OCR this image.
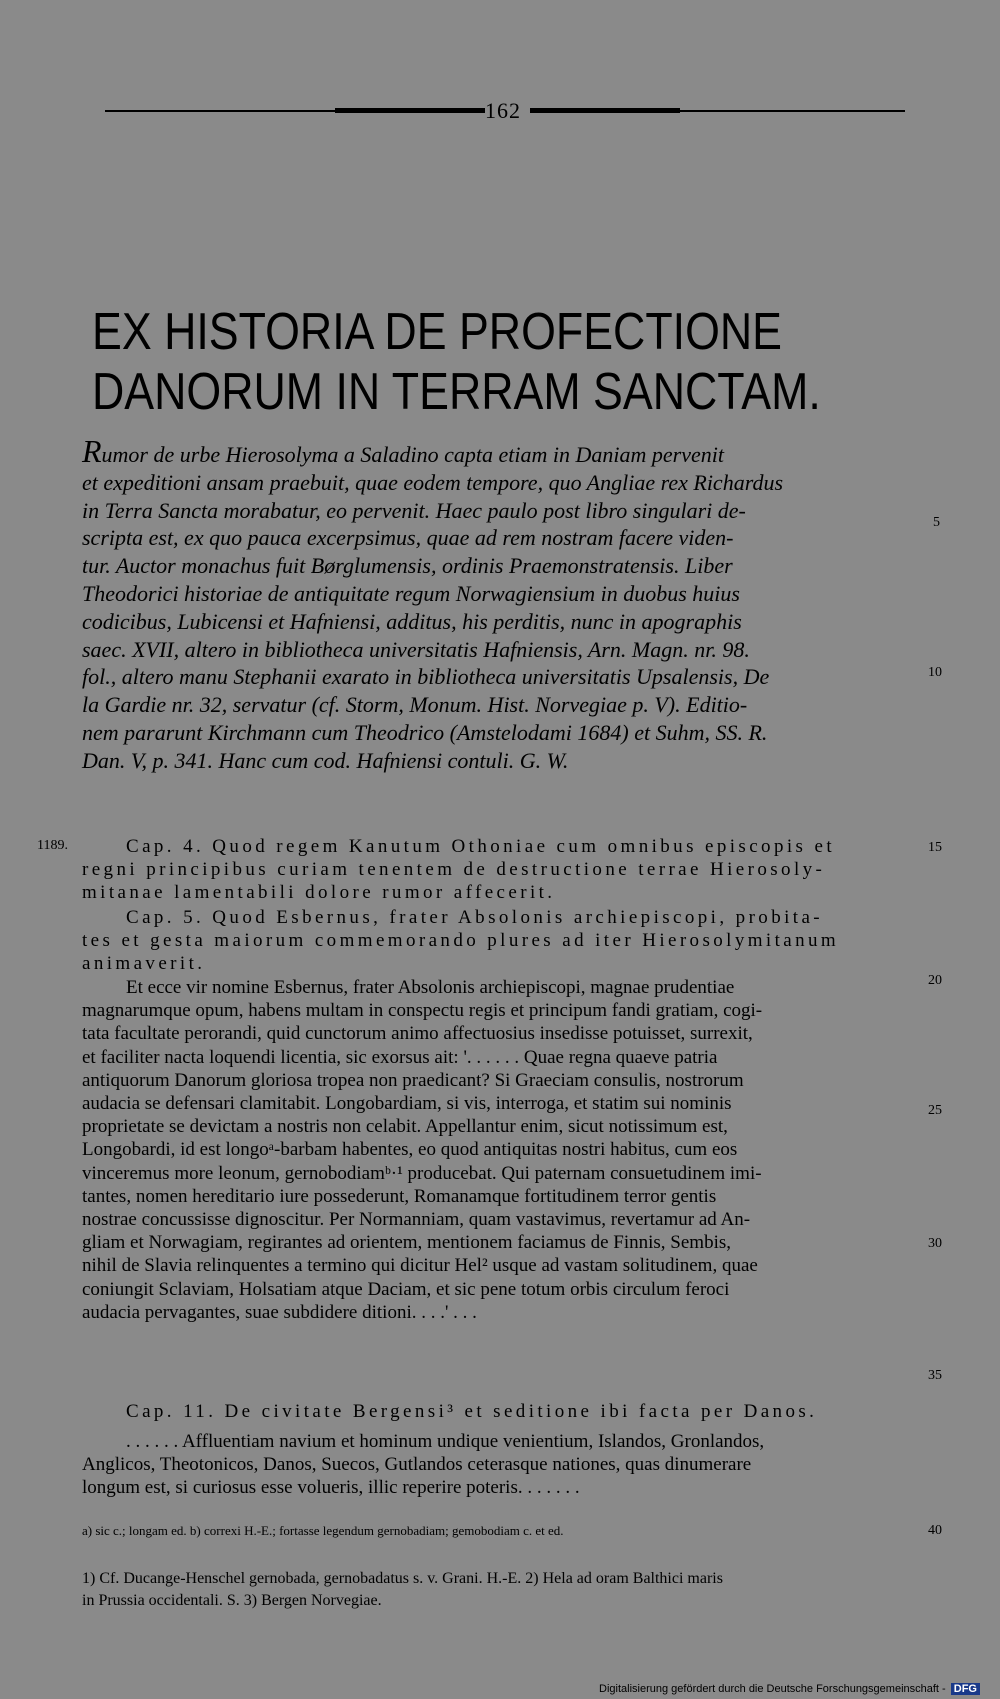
162
EX HISTORIA DE PROFECTIONE
DANORUM IN TERRAM SANCTAM.
Rumor de urbe Hierosolyma a Saladino capta etiam in Daniam pervenit
et expeditioni ansam praebuit, quae eodem tempore, quo Angliae rex Richardus
in Terra Sancta morabatur, eo pervenit. Haec paulo post libro singulari de-
scripta est, ex quo pauca excerpsimus, quae ad rem nostram facere viden-
tur. Auctor monachus fuit Børglumensis, ordinis Praemonstratensis. Liber
Theodorici historiae de antiquitate regum Norwagiensium in duobus huius
codicibus, Lubicensi et Hafniensi, additus, his perditis, nunc in apographis
saec. XVII, altero in bibliotheca universitatis Hafniensis, Arn. Magn. nr. 98.
fol., altero manu Stephanii exarato in bibliotheca universitatis Upsalensis, De
la Gardie nr. 32, servatur (cf. Storm, Monum. Hist. Norvegiae p. V). Editio-
nem pararunt Kirchmann cum Theodrico (Amstelodami 1684) et Suhm, SS. R.
Dan. V, p. 341. Hanc cum cod. Hafniensi contuli. G. W.
5
10
15
20
25
30
35
40
1189.	Cap. 4. Quod regem Kanutum Othoniae cum omnibus episcopis et
regni principibus curiam tenentem de destructione terrae Hierosoly-
mitanae lamentabili dolore rumor affecerit.
Cap. 5. Quod Esbernus, frater Absolonis archiepiscopi, probita-
tes et gesta maiorum commemorando plures ad iter Hierosolymitanum
animaverit.
Et ecce vir nomine Esbernus, frater Absolonis archiepiscopi, magnae prudentiae
magnarumque opum, habens multam in conspectu regis et principum fandi gratiam, cogi-
tata facultate perorandi, quid cunctorum animo affectuosius insedisse potuisset, surrexit,
et faciliter nacta loquendi licentia, sic exorsus ait: '. . . . . . Quae regna quaeve patria
antiquorum Danorum gloriosa tropea non praedicant? Si Graeciam consulis, nostrorum
audacia se defensari clamitabit. Longobardiam, si vis, interroga, et statim sui nominis
proprietate se devictam a nostris non celabit. Appellantur enim, sicut notissimum est,
Longobardi, id est longoᵃ-barbam habentes, eo quod antiquitas nostri habitus, cum eos
vinceremus more leonum, gernobodiamᵇ·¹ producebat. Qui paternam consuetudinem imi-
tantes, nomen hereditario iure possederunt, Romanamque fortitudinem terror gentis
nostrae concussisse dignoscitur. Per Normanniam, quam vastavimus, revertamur ad An-
gliam et Norwagiam, regirantes ad orientem, mentionem faciamus de Finnis, Sembis,
nihil de Slavia relinquentes a termino qui dicitur Hel² usque ad vastam solitudinem, quae
coniungit Sclaviam, Holsatiam atque Daciam, et sic pene totum orbis circulum feroci
audacia pervagantes, suae subdidere ditioni. . . .' . . .
Cap. 11. De civitate Bergensi³ et seditione ibi facta per Danos.
. . . . . . Affluentiam navium et hominum undique venientium, Islandos, Gronlandos,
Anglicos, Theotonicos, Danos, Suecos, Gutlandos ceterasque nationes, quas dinumerare
longum est, si curiosus esse volueris, illic reperire poteris. . . . . . .
a) sic c.; longam ed. b) correxi H.-E.; fortasse legendum gernobadiam; gemobodiam c. et ed.
1) Cf. Ducange-Henschel gernobada, gernobadatus s. v. Grani. H.-E. 2) Hela ad oram Balthici maris
in Prussia occidentali. S. 3) Bergen Norvegiae.
Digitalisierung gefördert durch die Deutsche Forschungsgemeinschaft - DFG
